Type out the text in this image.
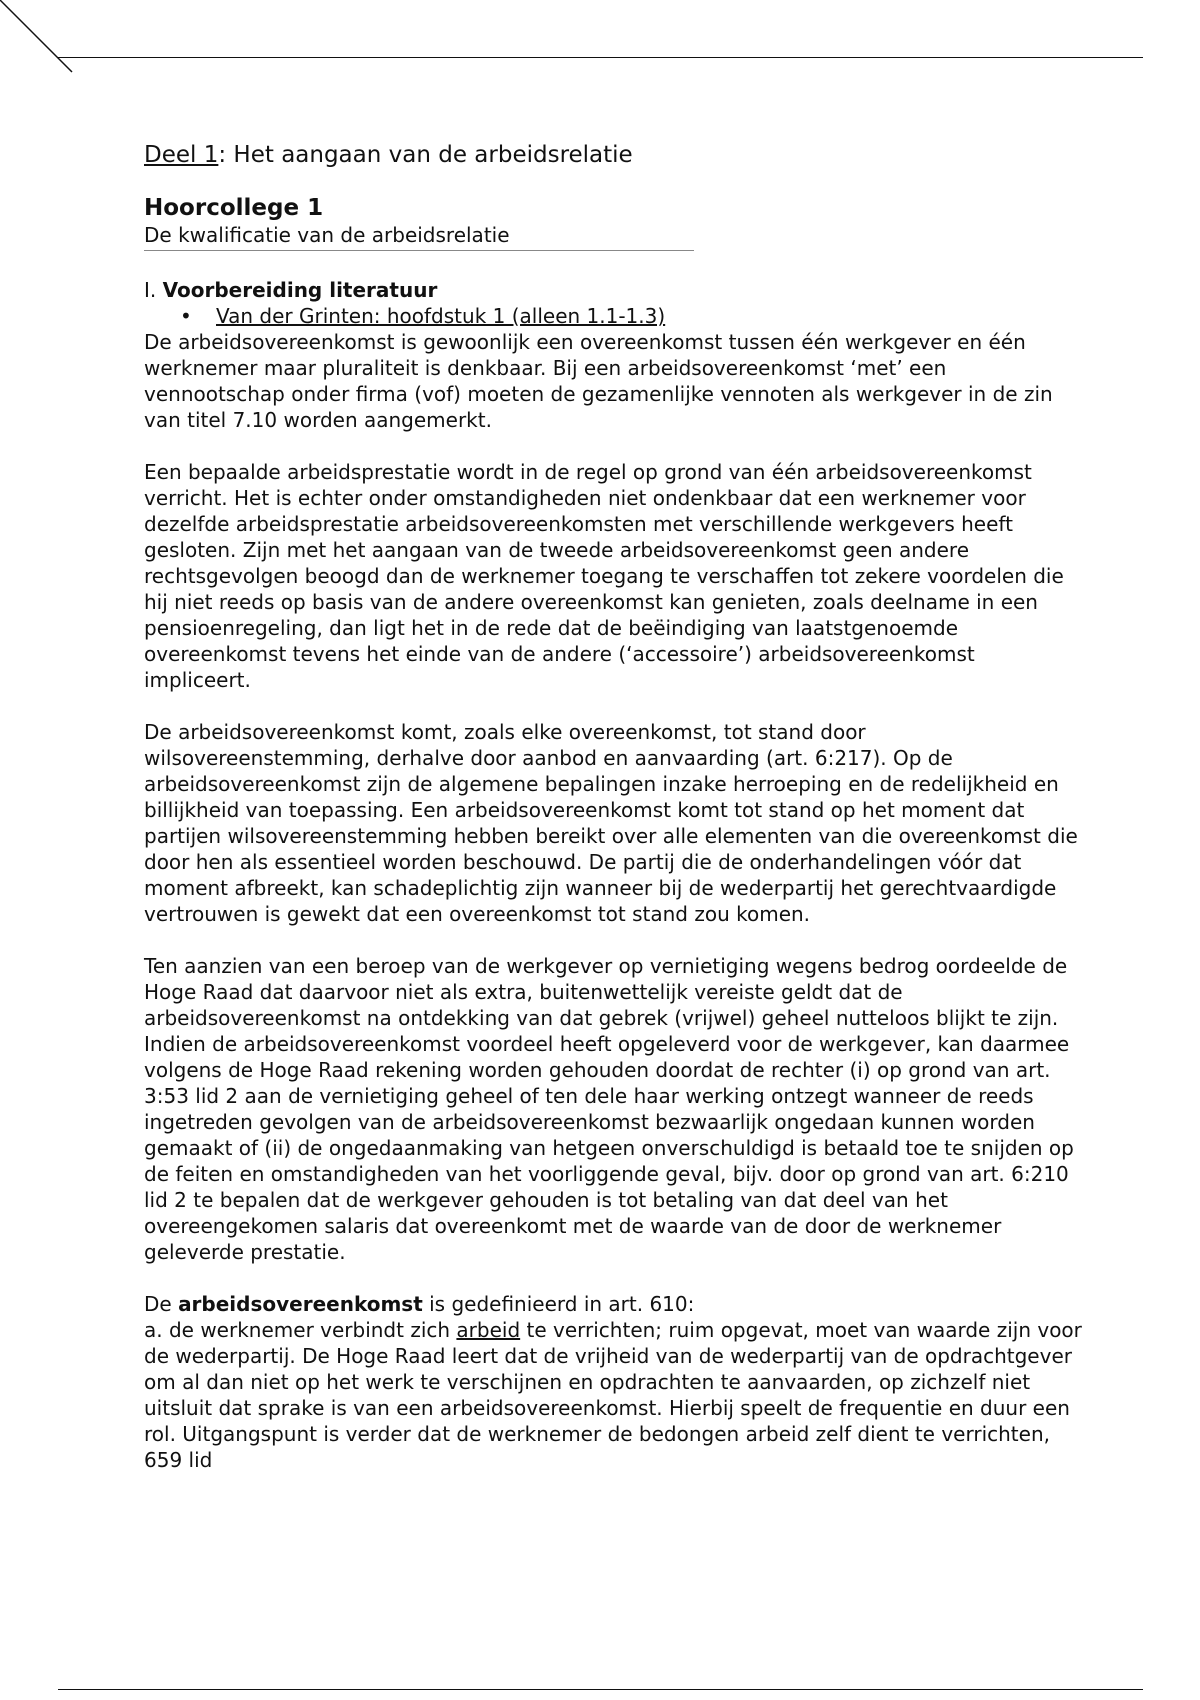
Deel 1: Het aangaan van de arbeidsrelatie
Hoorcollege 1
De kwalificatie van de arbeidsrelatie
I. Voorbereiding literatuur
•	Van der Grinten: hoofdstuk 1 (alleen 1.1-1.3)

De arbeidsovereenkomst is gewoonlijk een overeenkomst tussen één werkgever en één werknemer maar pluraliteit is denkbaar. Bij een arbeidsovereenkomst ‘met’ een vennootschap onder firma (vof) moeten de gezamenlijke vennoten als werkgever in de zin van titel 7.10 worden aangemerkt.

Een bepaalde arbeidsprestatie wordt in de regel op grond van één arbeidsovereenkomst verricht. Het is echter onder omstandigheden niet ondenkbaar dat een werknemer voor dezelfde arbeidsprestatie arbeidsovereenkomsten met verschillende werkgevers heeft gesloten. Zijn met het aangaan van de tweede arbeidsovereenkomst geen andere rechtsgevolgen beoogd dan de werknemer toegang te verschaffen tot zekere voordelen die hij niet reeds op basis van de andere overeenkomst kan genieten, zoals deelname in een pensioenregeling, dan ligt het in de rede dat de beëindiging van laatstgenoemde overeenkomst tevens het einde van de andere (‘accessoire’) arbeidsovereenkomst impliceert.

De arbeidsovereenkomst komt, zoals elke overeenkomst, tot stand door wilsovereenstemming, derhalve door aanbod en aanvaarding (art. 6:217). Op de arbeidsovereenkomst zijn de algemene bepalingen inzake herroeping en de redelijkheid en billijkheid van toepassing. Een arbeidsovereenkomst komt tot stand op het moment dat partijen wilsovereenstemming hebben bereikt over alle elementen van die overeenkomst die door hen als essentieel worden beschouwd. De partij die de onderhandelingen vóór dat moment afbreekt, kan schadeplichtig zijn wanneer bij de wederpartij het gerechtvaardigde vertrouwen is gewekt dat een overeenkomst tot stand zou komen.

Ten aanzien van een beroep van de werkgever op vernietiging wegens bedrog oordeelde de Hoge Raad dat daarvoor niet als extra, buitenwettelijk vereiste geldt dat de arbeidsovereenkomst na ontdekking van dat gebrek (vrijwel) geheel nutteloos blijkt te zijn. Indien de arbeidsovereenkomst voordeel heeft opgeleverd voor de werkgever, kan daarmee volgens de Hoge Raad rekening worden gehouden doordat de rechter (i) op grond van art. 3:53 lid 2 aan de vernietiging geheel of ten dele haar werking ontzegt wanneer de reeds ingetreden gevolgen van de arbeidsovereenkomst bezwaarlijk ongedaan kunnen worden gemaakt of (ii) de ongedaanmaking van hetgeen onverschuldigd is betaald toe te snijden op de feiten en omstandigheden van het voorliggende geval, bijv. door op grond van art. 6:210 lid 2 te bepalen dat de werkgever gehouden is tot betaling van dat deel van het overeengekomen salaris dat overeenkomt met de waarde van de door de werknemer geleverde prestatie.

De arbeidsovereenkomst is gedefinieerd in art. 610:
a. de werknemer verbindt zich arbeid te verrichten; ruim opgevat, moet van waarde zijn voor de wederpartij. De Hoge Raad leert dat de vrijheid van de wederpartij van de opdrachtgever om al dan niet op het werk te verschijnen en opdrachten te aanvaarden, op zichzelf niet uitsluit dat sprake is van een arbeidsovereenkomst. Hierbij speelt de frequentie en duur een rol. Uitgangspunt is verder dat de werknemer de bedongen arbeid zelf dient te verrichten, 659 lid
